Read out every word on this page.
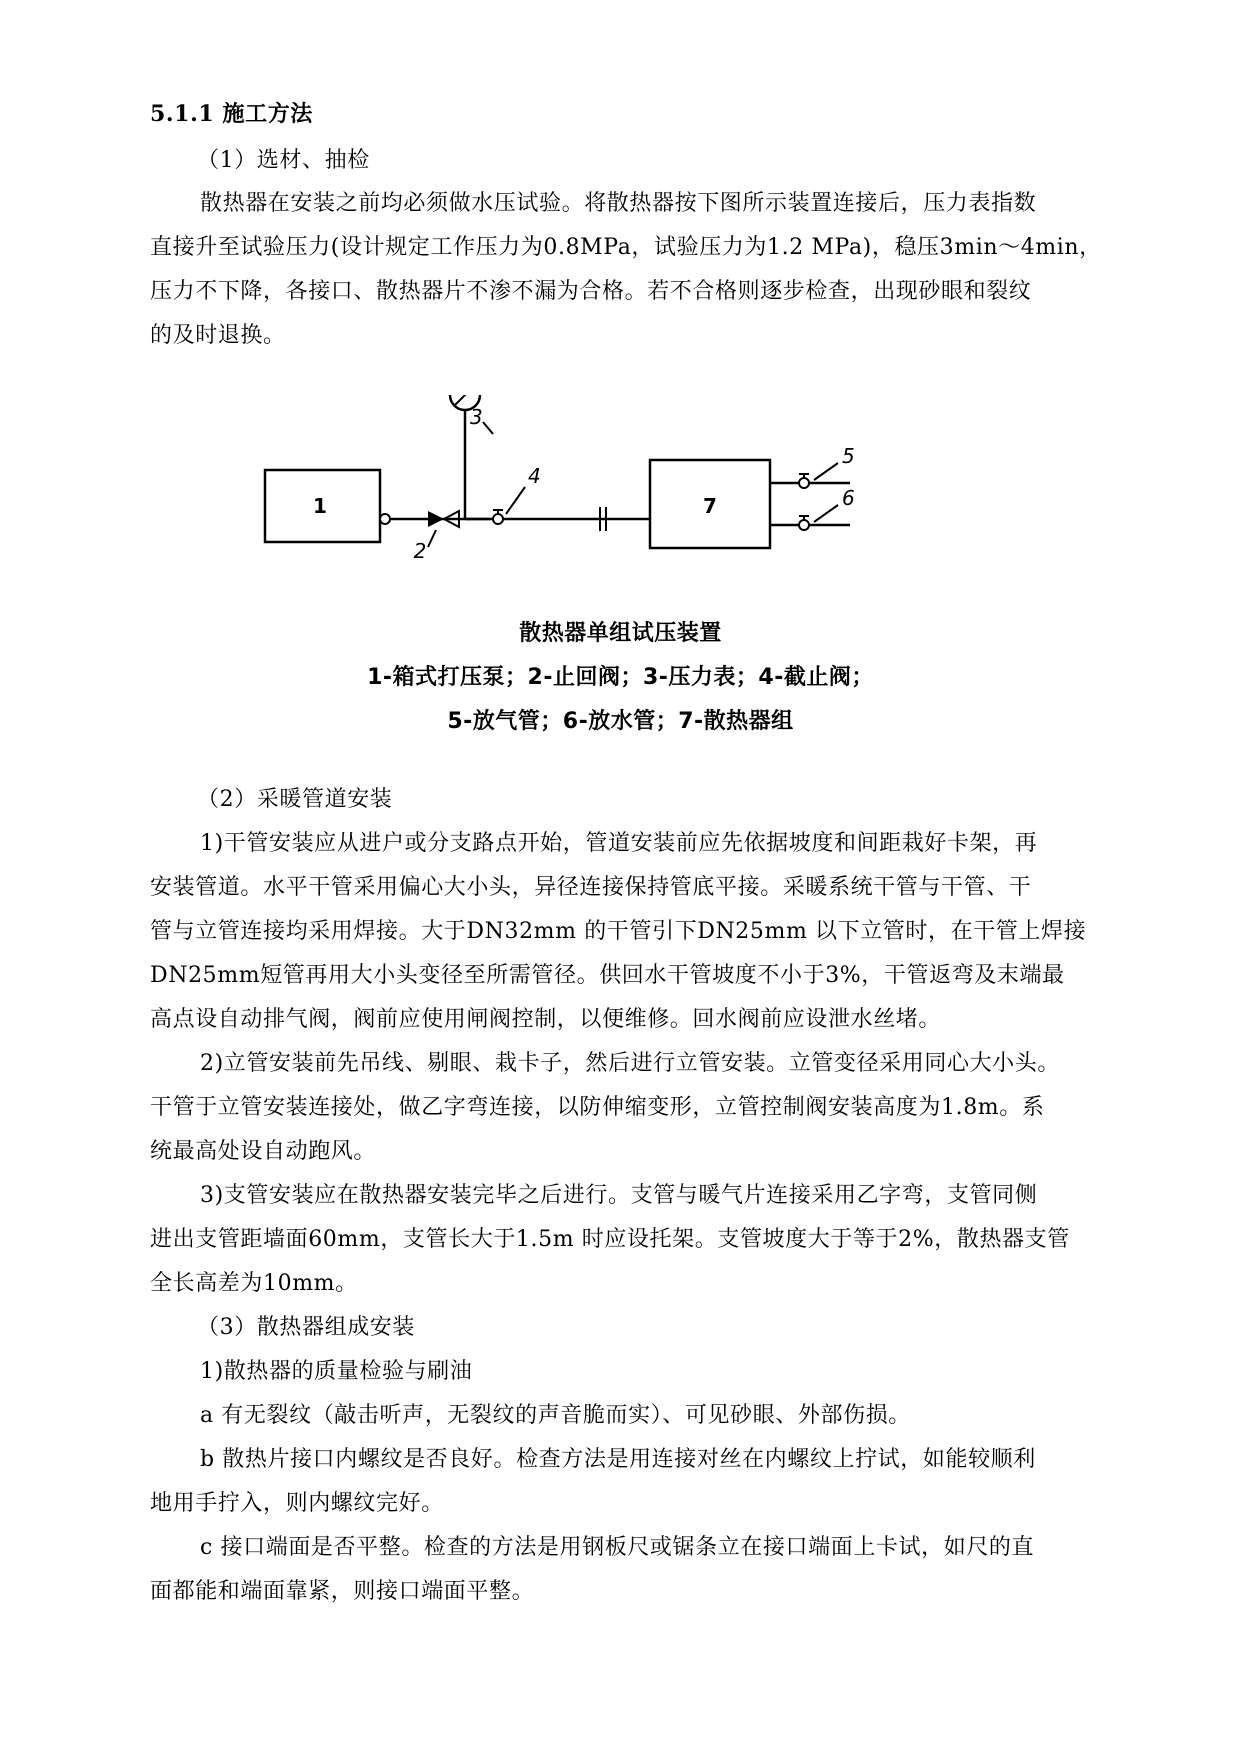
5.1.1 施工方法
（1）选材、抽检
散热器在安装之前均必须做水压试验。将散热器按下图所示装置连接后，压力表指数
直接升至试验压力(设计规定工作压力为0.8MPa，试验压力为1.2 MPa)，稳压3min～4min，
压力不下降，各接口、散热器片不渗不漏为合格。若不合格则逐步检查，出现砂眼和裂纹
的及时退换。
1
2
4
7
5
6
3
散热器单组试压装置
1-箱式打压泵；2-止回阀；3-压力表；4-截止阀；
5-放气管；6-放水管；7-散热器组
（2）采暖管道安装
1)干管安装应从进户或分支路点开始，管道安装前应先依据坡度和间距栽好卡架，再
安装管道。水平干管采用偏心大小头，异径连接保持管底平接。采暖系统干管与干管、干
管与立管连接均采用焊接。大于DN32mm 的干管引下DN25mm 以下立管时，在干管上焊接
DN25mm短管再用大小头变径至所需管径。供回水干管坡度不小于3%，干管返弯及末端最
高点设自动排气阀，阀前应使用闸阀控制，以便维修。回水阀前应设泄水丝堵。
2)立管安装前先吊线、剔眼、栽卡子，然后进行立管安装。立管变径采用同心大小头。
干管于立管安装连接处，做乙字弯连接，以防伸缩变形，立管控制阀安装高度为1.8m。系
统最高处设自动跑风。
3)支管安装应在散热器安装完毕之后进行。支管与暖气片连接采用乙字弯，支管同侧
进出支管距墙面60mm，支管长大于1.5m 时应设托架。支管坡度大于等于2%，散热器支管
全长高差为10mm。
（3）散热器组成安装
1)散热器的质量检验与刷油
a 有无裂纹（敲击听声，无裂纹的声音脆而实）、可见砂眼、外部伤损。
b 散热片接口内螺纹是否良好。检查方法是用连接对丝在内螺纹上拧试，如能较顺利
地用手拧入，则内螺纹完好。
c 接口端面是否平整。检查的方法是用钢板尺或锯条立在接口端面上卡试，如尺的直
面都能和端面靠紧，则接口端面平整。
